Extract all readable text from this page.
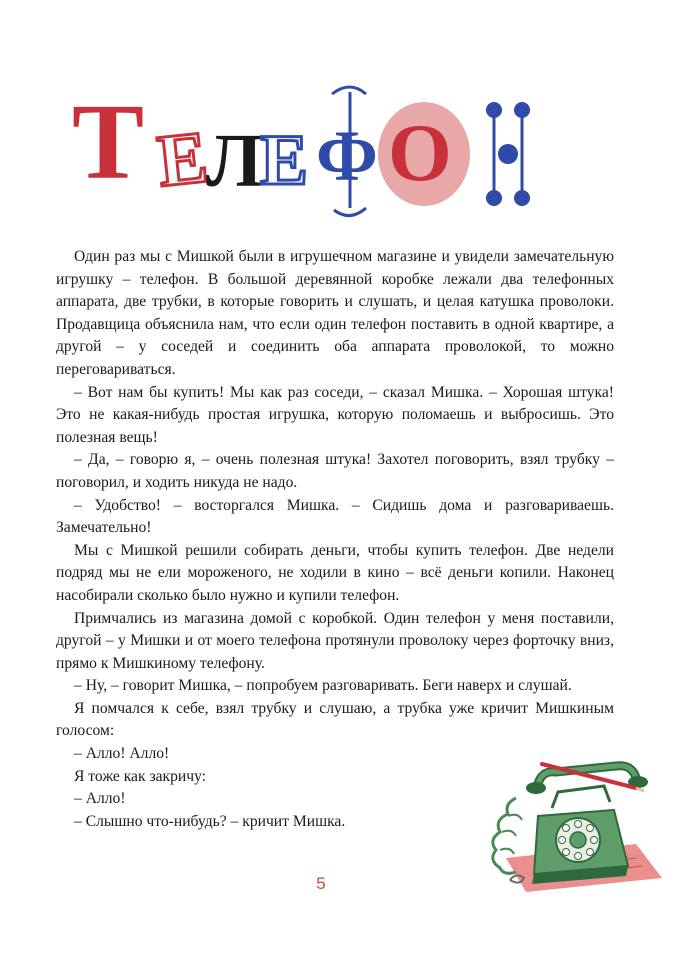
Т Е
Л
Е Ф О
Телефон

Один раз мы с Мишкой были в игрушечном магазине и увидели замечательную игрушку – телефон. В большой деревянной коробке лежали два телефонных аппарата, две трубки, в которые говорить и слушать, и целая катушка проволоки. Продавщица объяснила нам, что если один телефон поставить в одной квартире, а другой – у соседей и соединить оба аппарата проволокой, то можно переговариваться.

– Вот нам бы купить! Мы как раз соседи, – сказал Мишка. – Хорошая штука! Это не какая-нибудь простая игрушка, которую поломаешь и выбросишь. Это полезная вещь!

– Да, – говорю я, – очень полезная штука! Захотел поговорить, взял трубку – поговорил, и ходить никуда не надо.

– Удобство! – восторгался Мишка. – Сидишь дома и разговариваешь. Замечательно!

Мы с Мишкой решили собирать деньги, чтобы купить телефон. Две недели подряд мы не ели мороженого, не ходили в кино – всё деньги копили. Наконец насобирали сколько было нужно и купили телефон.

Примчались из магазина домой с коробкой. Один телефон у меня поставили, другой – у Мишки и от моего телефона протянули проволоку через форточку вниз, прямо к Мишкиному телефону.

– Ну, – говорит Мишка, – попробуем разговаривать. Беги наверх и слушай.

Я помчался к себе, взял трубку и слушаю, а трубка уже кричит Мишкиным голосом:

– Алло! Алло!

Я тоже как закричу:

– Алло!

– Слышно что-нибудь? – кричит Мишка.

5
